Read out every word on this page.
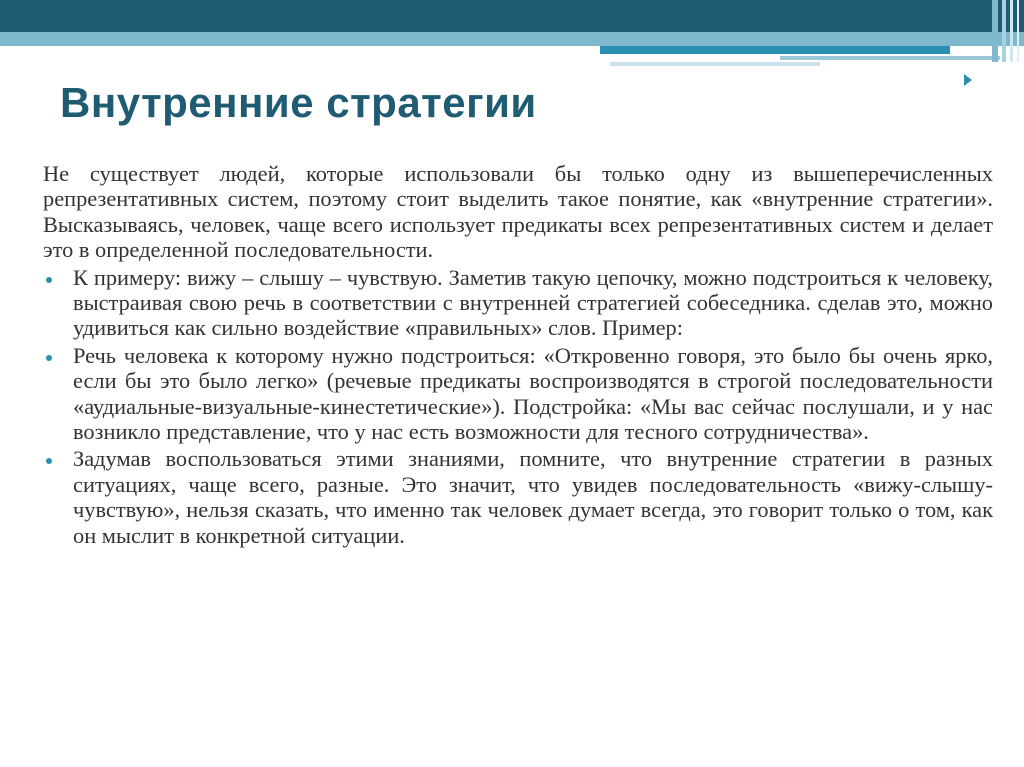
Внутренние стратегии

Не существует людей, которые использовали бы только одну из вышеперечисленных репрезентативных систем, поэтому стоит выделить такое понятие, как «внутренние стратегии». Высказываясь, человек, чаще всего использует предикаты всех репрезентативных систем и делает это в определенной последовательности.

К примеру: вижу – слышу – чувствую. Заметив такую цепочку, можно подстроиться к человеку, выстраивая свою речь в соответствии с внутренней стратегией собеседника. сделав это, можно удивиться как сильно воздействие «правильных» слов. Пример:
Речь человека к которому нужно подстроиться: «Откровенно говоря, это было бы очень ярко, если бы это было легко» (речевые предикаты воспроизводятся в строгой последовательности «аудиальные-визуальные-кинестетические»). Подстройка: «Мы вас сейчас послушали, и у нас возникло представление, что у нас есть возможности для тесного сотрудничества».
Задумав воспользоваться этими знаниями, помните, что внутренние стратегии в разных ситуациях, чаще всего, разные. Это значит, что увидев последовательность «вижу-слышу-чувствую», нельзя сказать, что именно так человек думает всегда, это говорит только о том, как он мыслит в конкретной ситуации.
